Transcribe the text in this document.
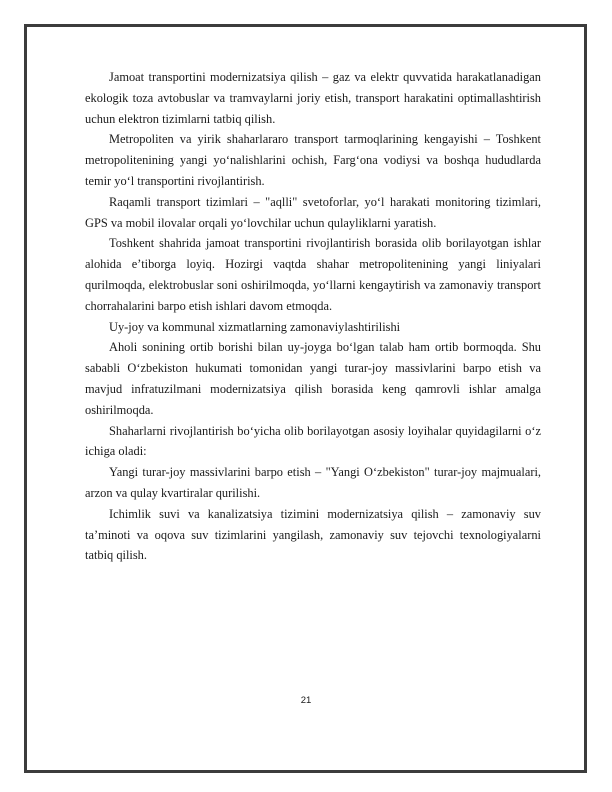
Jamoat transportini modernizatsiya qilish – gaz va elektr quvvatida harakatlanadigan ekologik toza avtobuslar va tramvaylarni joriy etish, transport harakatini optimallashtirish uchun elektron tizimlarni tatbiq qilish.

Metropoliten va yirik shaharlararo transport tarmoqlarining kengayishi – Toshkent metropolitenining yangi yo‘nalishlarini ochish, Farg‘ona vodiysi va boshqa hududlarda temir yo‘l transportini rivojlantirish.

Raqamli transport tizimlari – "aqlli" svetoforlar, yo‘l harakati monitoring tizimlari, GPS va mobil ilovalar orqali yo‘lovchilar uchun qulayliklarni yaratish.

Toshkent shahrida jamoat transportini rivojlantirish borasida olib borilayotgan ishlar alohida e’tiborga loyiq. Hozirgi vaqtda shahar metropolitenining yangi liniyalari qurilmoqda, elektrobuslar soni oshirilmoqda, yo‘llarni kengaytirish va zamonaviy transport chorrahalarini barpo etish ishlari davom etmoqda.

Uy-joy va kommunal xizmatlarning zamonaviylashtirilishi

Aholi sonining ortib borishi bilan uy-joyga bo‘lgan talab ham ortib bormoqda. Shu sababli O‘zbekiston hukumati tomonidan yangi turar-joy massivlarini barpo etish va mavjud infratuzilmani modernizatsiya qilish borasida keng qamrovli ishlar amalga oshirilmoqda.

Shaharlarni rivojlantirish bo‘yicha olib borilayotgan asosiy loyihalar quyidagilarni o‘z ichiga oladi:

Yangi turar-joy massivlarini barpo etish – "Yangi O‘zbekiston" turar-joy majmualari, arzon va qulay kvartiralar qurilishi.

Ichimlik suvi va kanalizatsiya tizimini modernizatsiya qilish – zamonaviy suv ta’minoti va oqova suv tizimlarini yangilash, zamonaviy suv tejovchi texnologiyalarni tatbiq qilish.

21
